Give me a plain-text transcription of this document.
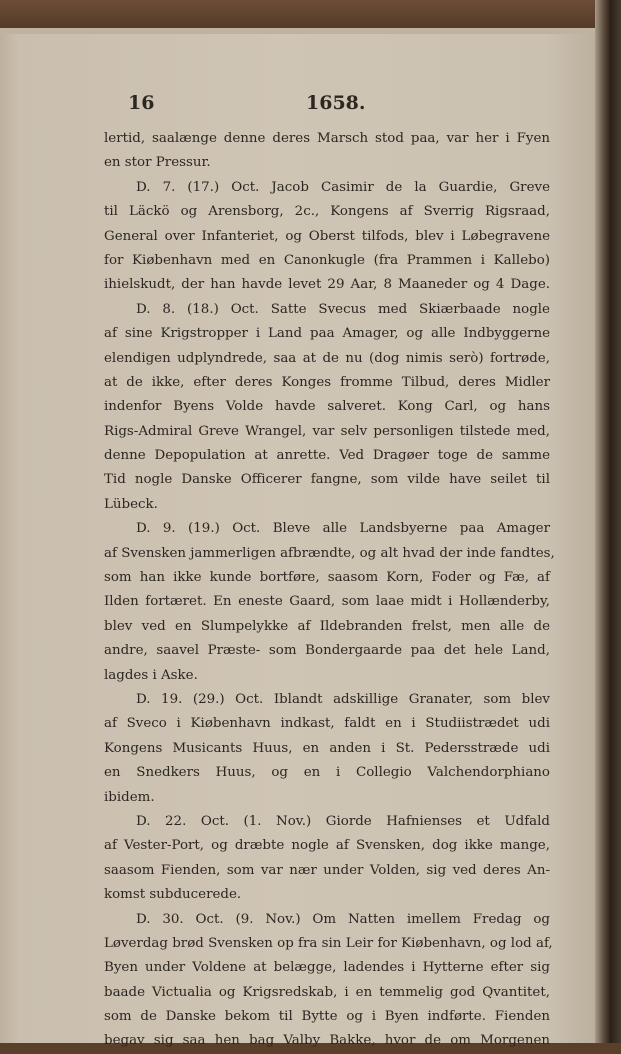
16	1658.
lertid, saalænge denne deres Marsch stod paa, var her i Fyen
en stor Pressur.
D. 7. (17.) Oct. Jacob Casimir de la Guardie, Greve
til Läckö og Arensborg, 2c., Kongens af Sverrig Rigsraad,
General over Infanteriet, og Oberst tilfods, blev i Løbegravene
for Kiøbenhavn med en Canonkugle (fra Prammen i Kallebo)
ihielskudt, der han havde levet 29 Aar, 8 Maaneder og 4 Dage.
D. 8. (18.) Oct. Satte Svecus med Skiærbaade nogle
af sine Krigstropper i Land paa Amager, og alle Indbyggerne
elendigen udplyndrede, saa at de nu (dog nimis serò) fortrøde,
at de ikke, efter deres Konges fromme Tilbud, deres Midler
indenfor Byens Volde havde salveret. Kong Carl, og hans
Rigs-Admiral Greve Wrangel, var selv personligen tilstede med,
denne Depopulation at anrette. Ved Dragøer toge de samme
Tid nogle Danske Officerer fangne, som vilde have seilet til
Lübeck.
D. 9. (19.) Oct. Bleve alle Landsbyerne paa Amager
af Svensken jammerligen afbrændte, og alt hvad der inde fandtes,
som han ikke kunde bortføre, saasom Korn, Foder og Fæ, af
Ilden fortæret. En eneste Gaard, som laae midt i Hollænderby,
blev ved en Slumpelykke af Ildebranden frelst, men alle de
andre, saavel Præste- som Bondergaarde paa det hele Land,
lagdes i Aske.
D. 19. (29.) Oct. Iblandt adskillige Granater, som blev
af Sveco i Kiøbenhavn indkast, faldt en i Studiistrædet udi
Kongens Musicants Huus, en anden i St. Pedersstræde udi
en Snedkers Huus, og en i Collegio Valchendorphiano
ibidem.
D. 22. Oct. (1. Nov.) Giorde Hafnienses et Udfald
af Vester-Port, og dræbte nogle af Svensken, dog ikke mange,
saasom Fienden, som var nær under Volden, sig ved deres An-
komst subducerede.
D. 30. Oct. (9. Nov.) Om Natten imellem Fredag og
Løverdag brød Svensken op fra sin Leir for Kiøbenhavn, og lod af,
Byen under Voldene at belægge, ladendes i Hytterne efter sig
baade Victualia og Krigsredskab, i en temmelig god Qvantitet,
som de Danske bekom til Bytte og i Byen indførte. Fienden
begav sig saa hen bag Valby Bakke, hvor de om Morgenen
